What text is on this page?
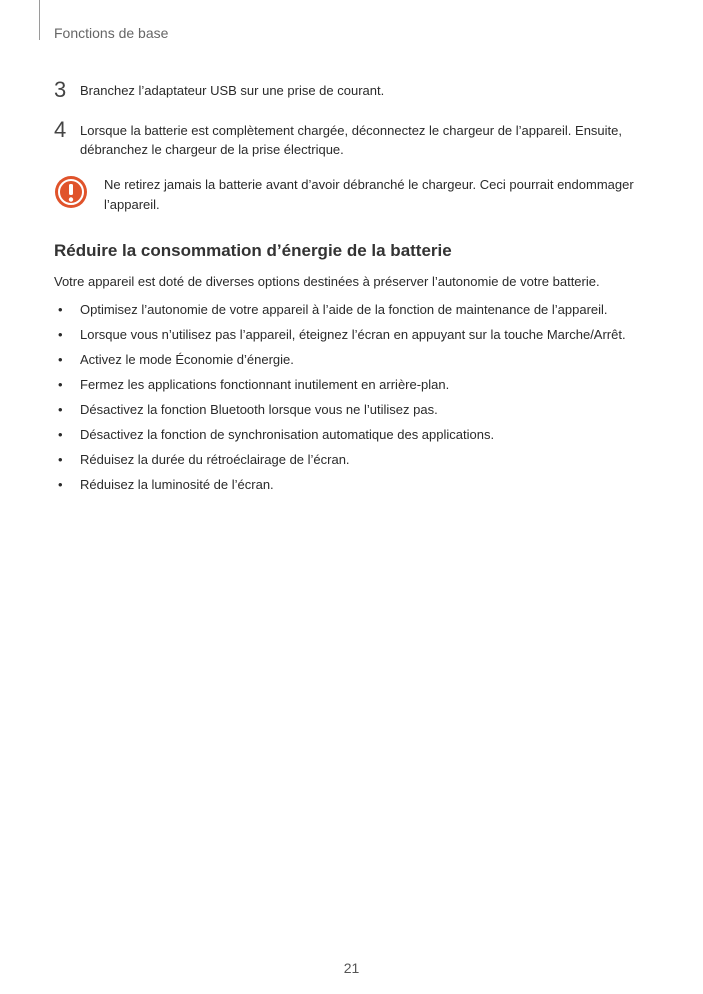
Fonctions de base
3 Branchez l’adaptateur USB sur une prise de courant.
4 Lorsque la batterie est complètement chargée, déconnectez le chargeur de l’appareil. Ensuite, débranchez le chargeur de la prise électrique.
Ne retirez jamais la batterie avant d’avoir débranché le chargeur. Ceci pourrait endommager l’appareil.
Réduire la consommation d’énergie de la batterie
Votre appareil est doté de diverses options destinées à préserver l’autonomie de votre batterie.
• Optimisez l’autonomie de votre appareil à l’aide de la fonction de maintenance de l’appareil.
• Lorsque vous n’utilisez pas l’appareil, éteignez l’écran en appuyant sur la touche Marche/Arrêt.
• Activez le mode Économie d’énergie.
• Fermez les applications fonctionnant inutilement en arrière-plan.
• Désactivez la fonction Bluetooth lorsque vous ne l’utilisez pas.
• Désactivez la fonction de synchronisation automatique des applications.
• Réduisez la durée du rétroéclairage de l’écran.
• Réduisez la luminosité de l’écran.
21
